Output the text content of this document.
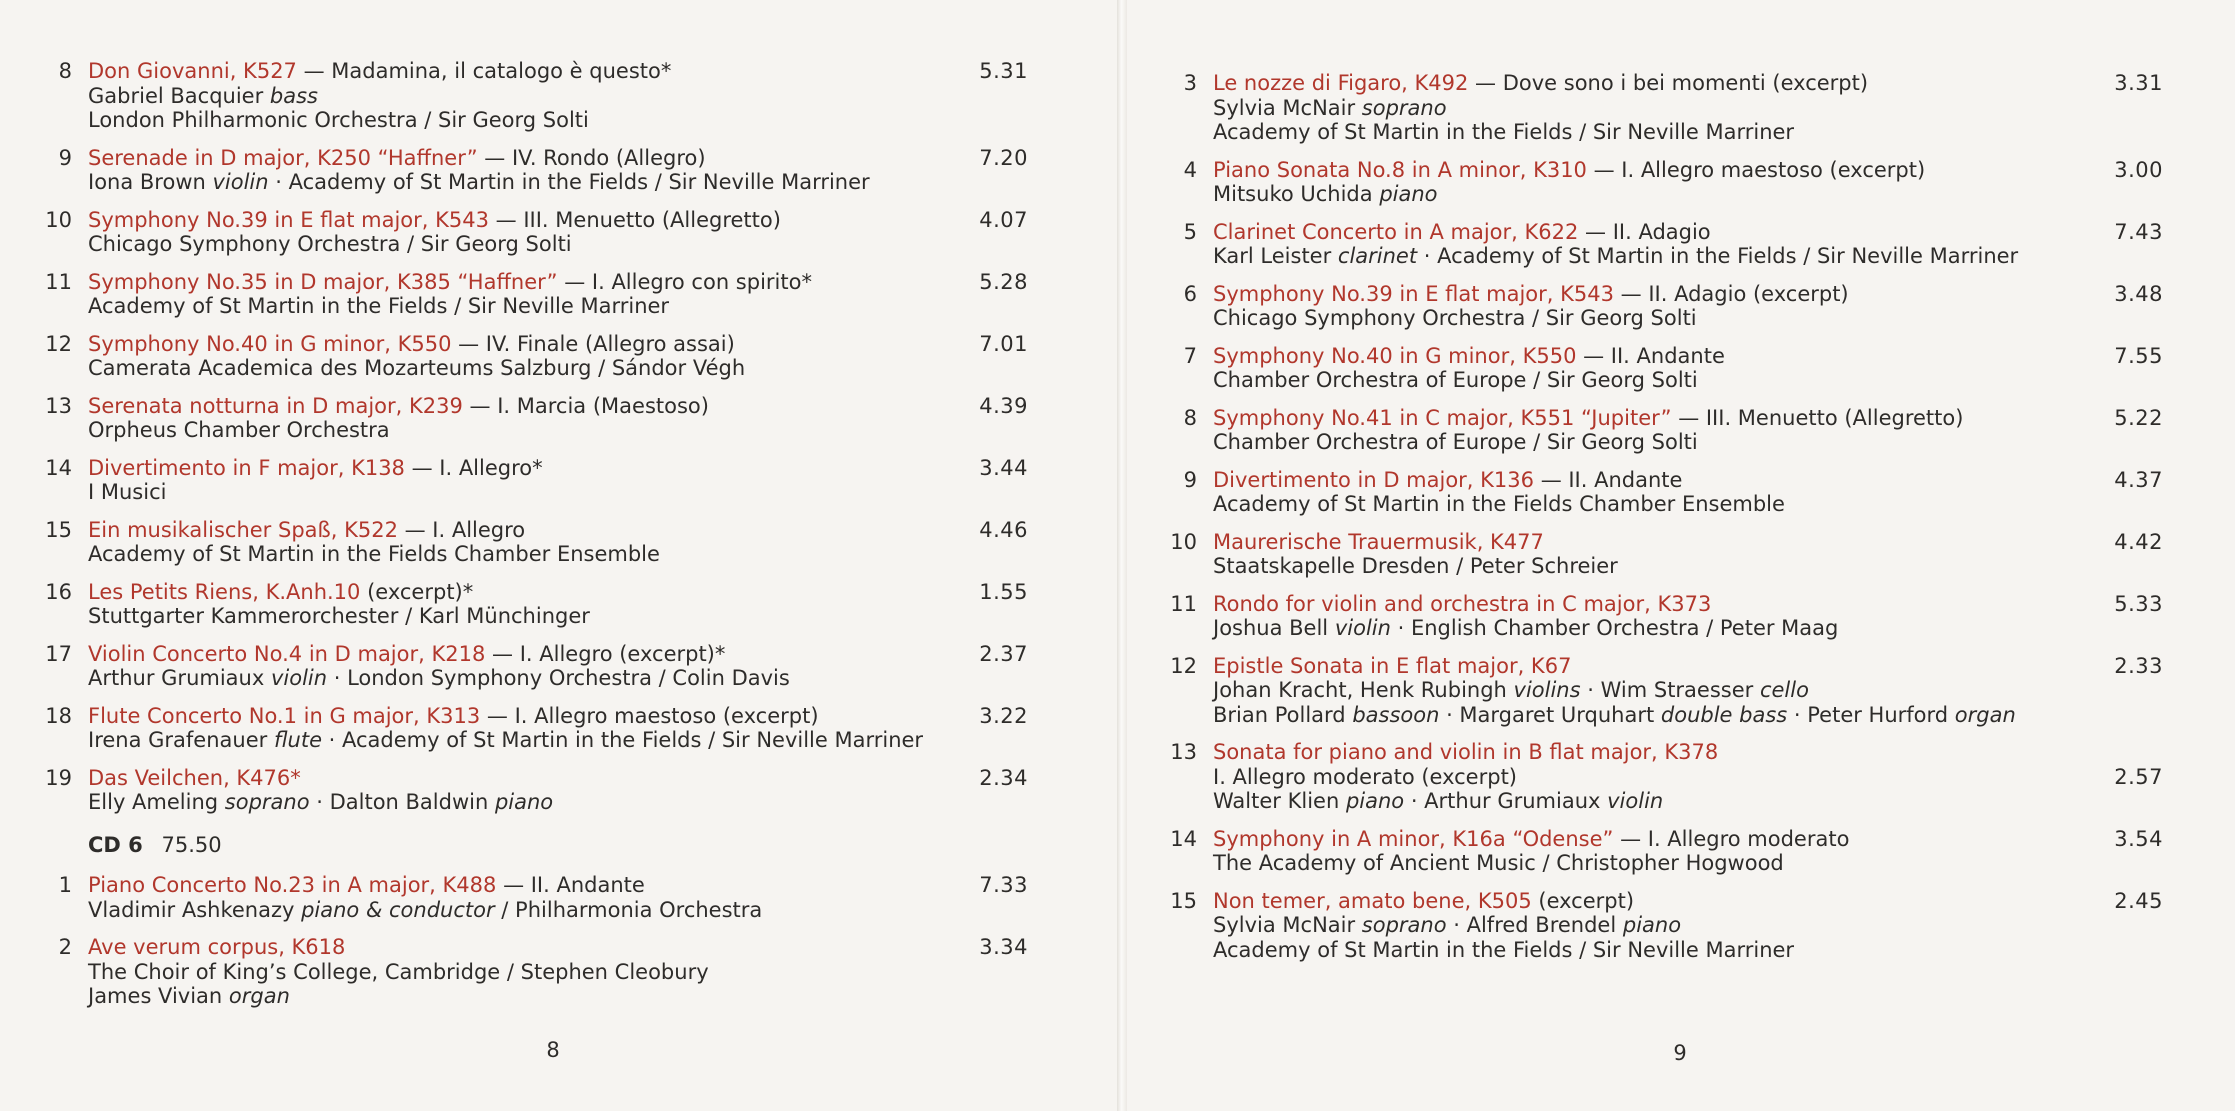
8 Don Giovanni, K527 — Madamina, il catalogo è questo*
Gabriel Bacquier bass
London Philharmonic Orchestra / Sir Georg Solti
5.31
9 Serenade in D major, K250 “Haffner” — IV. Rondo (Allegro)
Iona Brown violin · Academy of St Martin in the Fields / Sir Neville Marriner
7.20
10 Symphony No.39 in E flat major, K543 — III. Menuetto (Allegretto)
Chicago Symphony Orchestra / Sir Georg Solti
4.07
11 Symphony No.35 in D major, K385 “Haffner” — I. Allegro con spirito*
Academy of St Martin in the Fields / Sir Neville Marriner
5.28
12 Symphony No.40 in G minor, K550 — IV. Finale (Allegro assai)
Camerata Academica des Mozarteums Salzburg / Sándor Végh
7.01
13 Serenata notturna in D major, K239 — I. Marcia (Maestoso)
Orpheus Chamber Orchestra
4.39
14 Divertimento in F major, K138 — I. Allegro*
I Musici
3.44
15 Ein musikalischer Spaß, K522 — I. Allegro
Academy of St Martin in the Fields Chamber Ensemble
4.46
16 Les Petits Riens, K.Anh.10 (excerpt)*
Stuttgarter Kammerorchester / Karl Münchinger
1.55
17 Violin Concerto No.4 in D major, K218 — I. Allegro (excerpt)*
Arthur Grumiaux violin · London Symphony Orchestra / Colin Davis
2.37
18 Flute Concerto No.1 in G major, K313 — I. Allegro maestoso (excerpt)
Irena Grafenauer flute · Academy of St Martin in the Fields / Sir Neville Marriner
3.22
19 Das Veilchen, K476*
Elly Ameling soprano · Dalton Baldwin piano
2.34
CD 6 75.50
1 Piano Concerto No.23 in A major, K488 — II. Andante
Vladimir Ashkenazy piano & conductor / Philharmonia Orchestra
7.33
2 Ave verum corpus, K618
The Choir of King’s College, Cambridge / Stephen Cleobury
James Vivian organ
3.34
8
3 Le nozze di Figaro, K492 — Dove sono i bei momenti (excerpt)
Sylvia McNair soprano
Academy of St Martin in the Fields / Sir Neville Marriner
3.31
4 Piano Sonata No.8 in A minor, K310 — I. Allegro maestoso (excerpt)
Mitsuko Uchida piano
3.00
5 Clarinet Concerto in A major, K622 — II. Adagio
Karl Leister clarinet · Academy of St Martin in the Fields / Sir Neville Marriner
7.43
6 Symphony No.39 in E flat major, K543 — II. Adagio (excerpt)
Chicago Symphony Orchestra / Sir Georg Solti
3.48
7 Symphony No.40 in G minor, K550 — II. Andante
Chamber Orchestra of Europe / Sir Georg Solti
7.55
8 Symphony No.41 in C major, K551 “Jupiter” — III. Menuetto (Allegretto)
Chamber Orchestra of Europe / Sir Georg Solti
5.22
9 Divertimento in D major, K136 — II. Andante
Academy of St Martin in the Fields Chamber Ensemble
4.37
10 Maurerische Trauermusik, K477
Staatskapelle Dresden / Peter Schreier
4.42
11 Rondo for violin and orchestra in C major, K373
Joshua Bell violin · English Chamber Orchestra / Peter Maag
5.33
12 Epistle Sonata in E flat major, K67
Johan Kracht, Henk Rubingh violins · Wim Straesser cello
Brian Pollard bassoon · Margaret Urquhart double bass · Peter Hurford organ
2.33
13 Sonata for piano and violin in B flat major, K378
I. Allegro moderato (excerpt)
Walter Klien piano · Arthur Grumiaux violin
2.57
14 Symphony in A minor, K16a “Odense” — I. Allegro moderato
The Academy of Ancient Music / Christopher Hogwood
3.54
15 Non temer, amato bene, K505 (excerpt)
Sylvia McNair soprano · Alfred Brendel piano
Academy of St Martin in the Fields / Sir Neville Marriner
2.45
9
